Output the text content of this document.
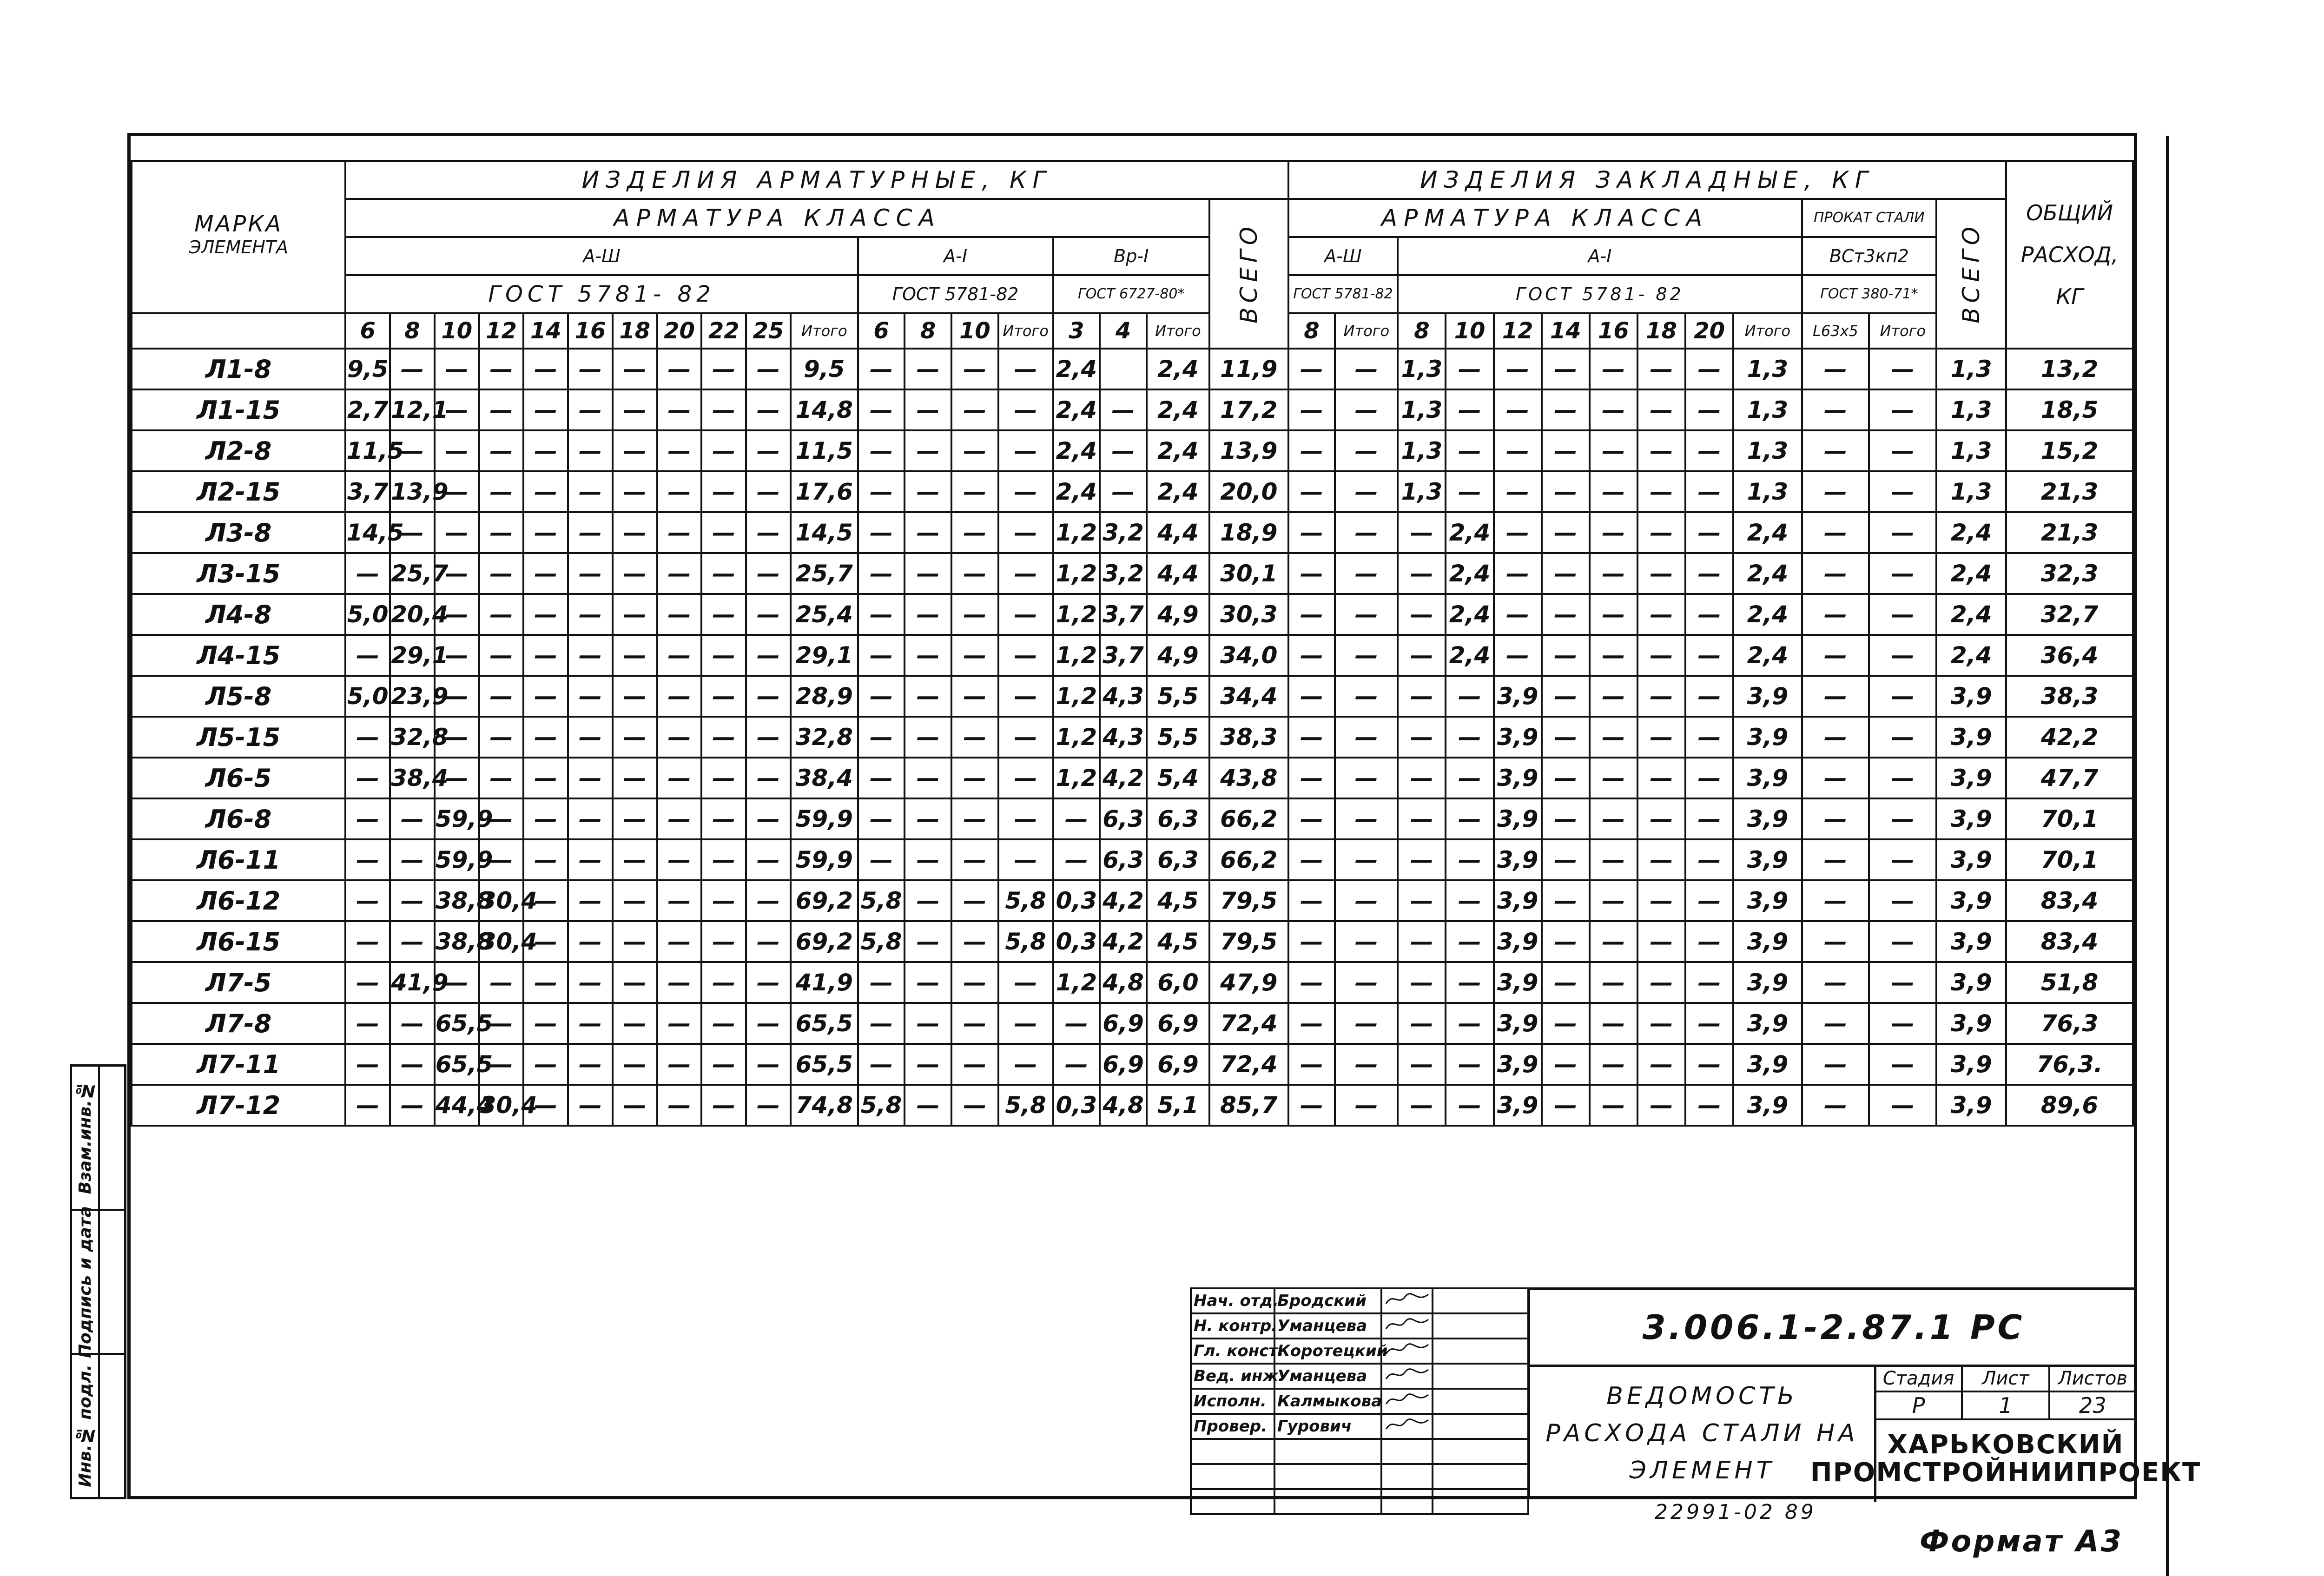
Взам.инв.№
Подпись и дата
Инв.№ подл.
МАРКА	ИЗДЕЛИЯ АРМАТУРНЫЕ, КГ																			ИЗДЕЛИЯ ЗАКЛАДНЫЕ, КГ													ОБЩИЙ РАСХОД, КГ
	АРМАТУРА КЛАССА																		ВСЕГО	АРМАТУРА КЛАССА										ПРОКАТ СТАЛИ		ВСЕГО	
ЭЛЕМЕНТА	А-Ш											А-I				Вр-I				А-Ш		А-I								ВСт3кп2			
	ГОСТ 5781- 82											ГОСТ 5781-82				ГОСТ 6727-80*				ГОСТ 5781-82		ГОСТ 5781- 82								ГОСТ 380-71*			
	6	8	10	12	14	16	18	20	22	25	Итого	6	8	10	Итого	3	4	Итого		8	Итого	8	10	12	14	16	18	20	Итого	L63x5	Итого		
Л1-8	9,5	—	—	—	—	—	—	—	—	—	9,5	—	—	—	—	2,4		2,4	11,9	—	—	1,3	—	—	—	—	—	—	1,3	—	—	1,3	13,2
Л1-15	2,7	12,1	—	—	—	—	—	—	—	—	14,8	—	—	—	—	2,4	—	2,4	17,2	—	—	1,3	—	—	—	—	—	—	1,3	—	—	1,3	18,5
Л2-8	11,5	—	—	—	—	—	—	—	—	—	11,5	—	—	—	—	2,4	—	2,4	13,9	—	—	1,3	—	—	—	—	—	—	1,3	—	—	1,3	15,2
Л2-15	3,7	13,9	—	—	—	—	—	—	—	—	17,6	—	—	—	—	2,4	—	2,4	20,0	—	—	1,3	—	—	—	—	—	—	1,3	—	—	1,3	21,3
Л3-8	14,5	—	—	—	—	—	—	—	—	—	14,5	—	—	—	—	1,2	3,2	4,4	18,9	—	—	—	2,4	—	—	—	—	—	2,4	—	—	2,4	21,3
Л3-15	—	25,7	—	—	—	—	—	—	—	—	25,7	—	—	—	—	1,2	3,2	4,4	30,1	—	—	—	2,4	—	—	—	—	—	2,4	—	—	2,4	32,3
Л4-8	5,0	20,4	—	—	—	—	—	—	—	—	25,4	—	—	—	—	1,2	3,7	4,9	30,3	—	—	—	2,4	—	—	—	—	—	2,4	—	—	2,4	32,7
Л4-15	—	29,1	—	—	—	—	—	—	—	—	29,1	—	—	—	—	1,2	3,7	4,9	34,0	—	—	—	2,4	—	—	—	—	—	2,4	—	—	2,4	36,4
Л5-8	5,0	23,9	—	—	—	—	—	—	—	—	28,9	—	—	—	—	1,2	4,3	5,5	34,4	—	—	—	—	3,9	—	—	—	—	3,9	—	—	3,9	38,3
Л5-15	—	32,8	—	—	—	—	—	—	—	—	32,8	—	—	—	—	1,2	4,3	5,5	38,3	—	—	—	—	3,9	—	—	—	—	3,9	—	—	3,9	42,2
Л6-5	—	38,4	—	—	—	—	—	—	—	—	38,4	—	—	—	—	1,2	4,2	5,4	43,8	—	—	—	—	3,9	—	—	—	—	3,9	—	—	3,9	47,7
Л6-8	—	—	59,9	—	—	—	—	—	—	—	59,9	—	—	—	—	—	6,3	6,3	66,2	—	—	—	—	3,9	—	—	—	—	3,9	—	—	3,9	70,1
Л6-11	—	—	59,9	—	—	—	—	—	—	—	59,9	—	—	—	—	—	6,3	6,3	66,2	—	—	—	—	3,9	—	—	—	—	3,9	—	—	3,9	70,1
Л6-12	—	—	38,8	30,4	—	—	—	—	—	—	69,2	5,8	—	—	5,8	0,3	4,2	4,5	79,5	—	—	—	—	3,9	—	—	—	—	3,9	—	—	3,9	83,4
Л6-15	—	—	38,8	30,4	—	—	—	—	—	—	69,2	5,8	—	—	5,8	0,3	4,2	4,5	79,5	—	—	—	—	3,9	—	—	—	—	3,9	—	—	3,9	83,4
Л7-5	—	41,9	—	—	—	—	—	—	—	—	41,9	—	—	—	—	1,2	4,8	6,0	47,9	—	—	—	—	3,9	—	—	—	—	3,9	—	—	3,9	51,8
Л7-8	—	—	65,5	—	—	—	—	—	—	—	65,5	—	—	—	—	—	6,9	6,9	72,4	—	—	—	—	3,9	—	—	—	—	3,9	—	—	3,9	76,3
Л7-11	—	—	65,5	—	—	—	—	—	—	—	65,5	—	—	—	—	—	6,9	6,9	72,4	—	—	—	—	3,9	—	—	—	—	3,9	—	—	3,9	76,3.
Л7-12	—	—	44,4	30,4	—	—	—	—	—	—	74,8	5,8	—	—	5,8	0,3	4,8	5,1	85,7	—	—	—	—	3,9	—	—	—	—	3,9	—	—	3,9	89,6
Нач. отд.	Бродский		
Н. контр.	Уманцева		
Гл. конст.	Коротецкий		
Вед. инж.	Уманцева		
Исполн.	Калмыкова		
Провер.	Гурович		

3.006.1-2.87.1 РС
ВЕДОМОСТЬ
РАСХОДА СТАЛИ НА
ЭЛЕМЕНТ
Стадия	Лист	Листов
Р	1	23
ХАРЬКОВСКИЙ
ПРОМСТРОЙНИИПРОЕКТ
22991-02 89
Формат А3
